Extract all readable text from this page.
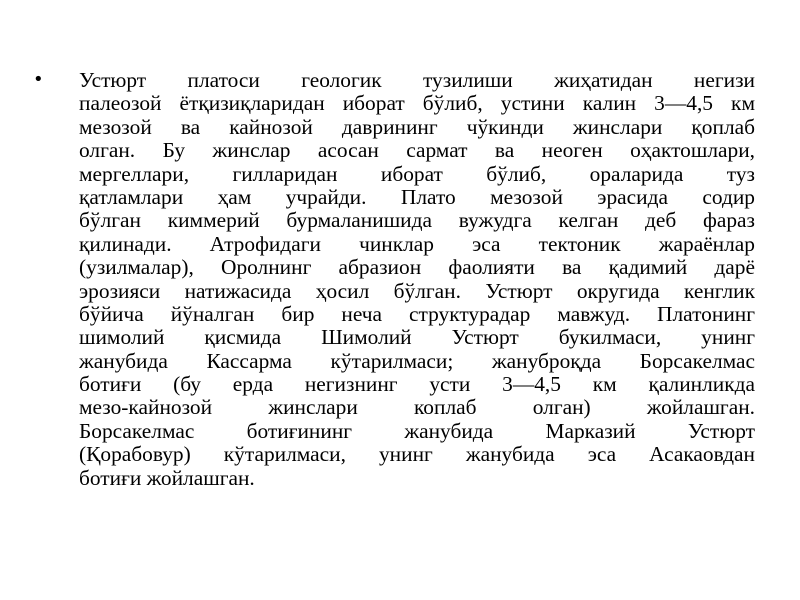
• Устюрт платоси геологик тузилиши жиҳатидан негизи
палеозой ётқизиқларидан иборат бўлиб, устини калин 3—4,5 км
мезозой ва кайнозой даврининг чўкинди жинслари қоплаб
олган. Бу жинслар асосан сармат ва неоген оҳактошлари,
мергеллари, гилларидан иборат бўлиб, ораларида туз
қатламлари ҳам учрайди. Плато мезозой эрасида содир
бўлган киммерий бурмаланишида вужудга келган деб фараз
қилинади. Атрофидаги чинклар эса тектоник жараёнлар
(узилмалар), Оролнинг абразион фаолияти ва қадимий дарё
эрозияси натижасида ҳосил бўлган. Устюрт округида кенглик
бўйича йўналган бир неча структурадар мавжуд. Платонинг
шимолий қисмида Шимолий Устюрт букилмаси, унинг
жанубида Кассарма кўтарилмаси; жануброқда Борсакелмас
ботиғи (бу ерда негизнинг усти 3—4,5 км қалинликда
мезо-кайнозой жинслари коплаб олган) жойлашган.
Борсакелмас ботиғининг жанубида Марказий Устюрт
(Қорабовур) кўтарилмаси, унинг жанубида эса Асакаовдан
ботиғи жойлашган.
